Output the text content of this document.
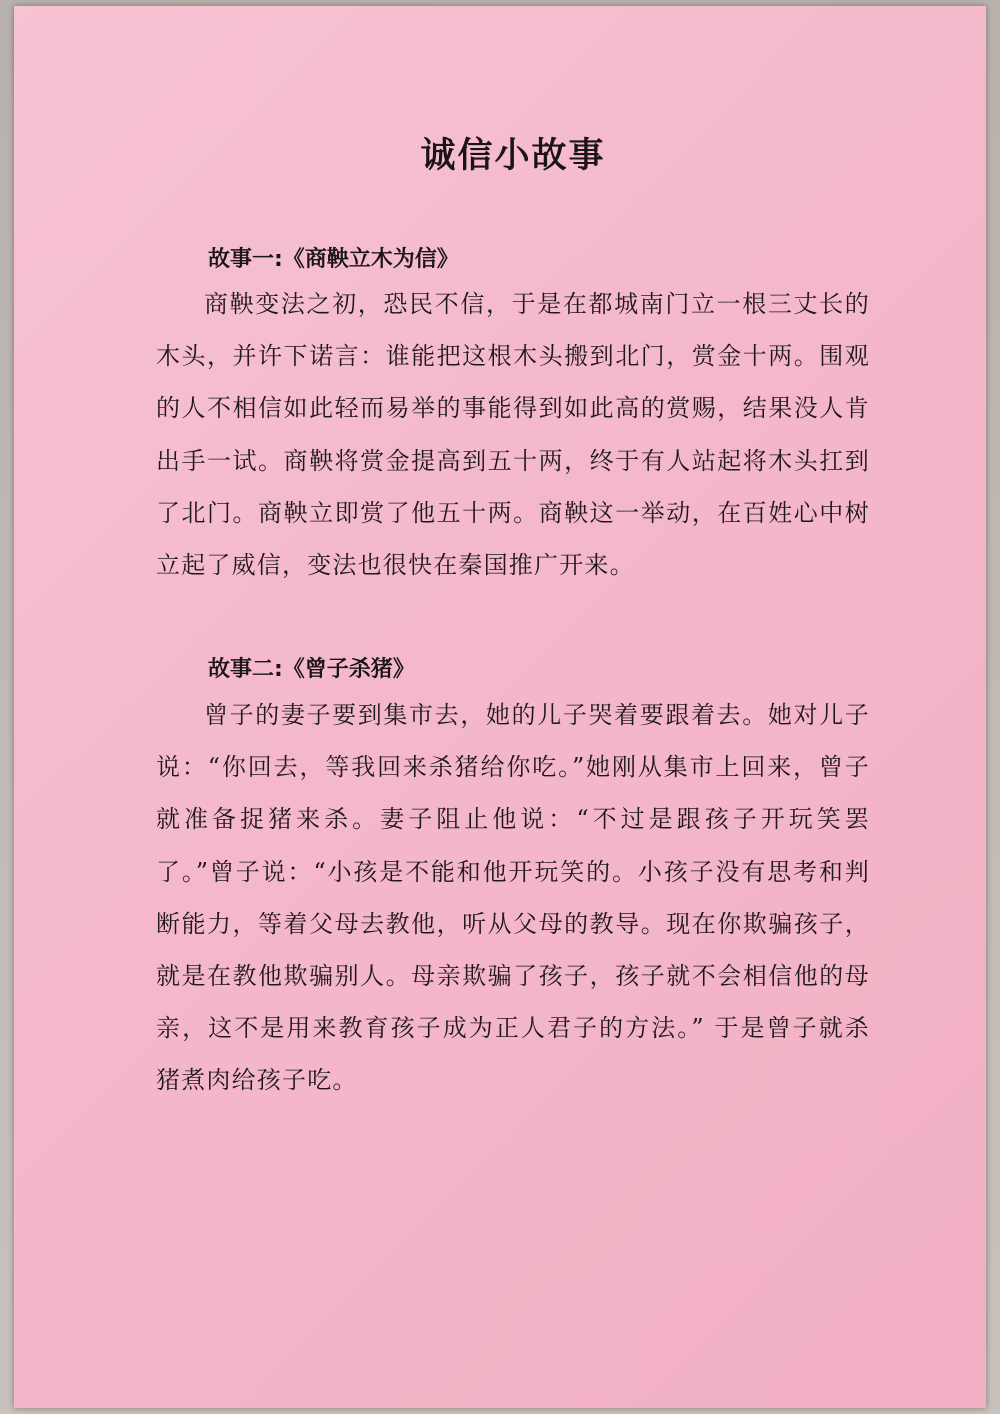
诚信小故事
故事一:《商鞅立木为信》

商鞅变法之初，恐民不信，于是在都城南门立一根三丈长的木头，并许下诺言：谁能把这根木头搬到北门，赏金十两。围观的人不相信如此轻而易举的事能得到如此高的赏赐，结果没人肯出手一试。商鞅将赏金提高到五十两，终于有人站起将木头扛到了北门。商鞅立即赏了他五十两。商鞅这一举动，在百姓心中树立起了威信，变法也很快在秦国推广开来。

故事二:《曾子杀猪》

曾子的妻子要到集市去，她的儿子哭着要跟着去。她对儿子说：“你回去，等我回来杀猪给你吃。”她刚从集市上回来，曾子就准备捉猪来杀。妻子阻止他说：“不过是跟孩子开玩笑罢了。”曾子说：“小孩是不能和他开玩笑的。小孩子没有思考和判断能力，等着父母去教他，听从父母的教导。现在你欺骗孩子，就是在教他欺骗别人。母亲欺骗了孩子，孩子就不会相信他的母亲，这不是用来教育孩子成为正人君子的方法。” 于是曾子就杀猪煮肉给孩子吃。
